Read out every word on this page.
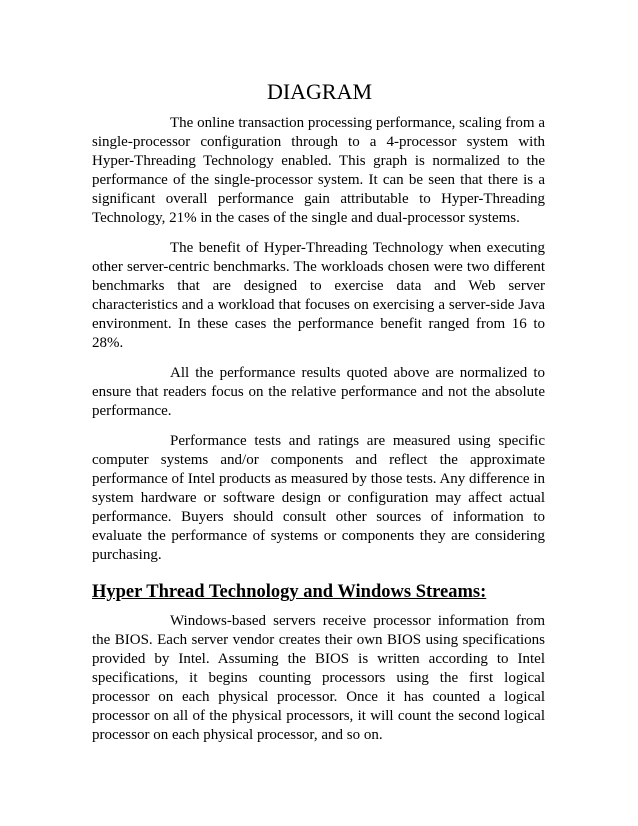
DIAGRAM

The online transaction processing performance, scaling from a single-processor configuration through to a 4-processor system with Hyper-Threading Technology enabled. This graph is normalized to the performance of the single-processor system. It can be seen that there is a significant overall performance gain attributable to Hyper-Threading Technology, 21% in the cases of the single and dual-processor systems.

The benefit of Hyper-Threading Technology when executing other server-centric benchmarks. The workloads chosen were two different benchmarks that are designed to exercise data and Web server characteristics and a workload that focuses on exercising a server-side Java environment. In these cases the performance benefit ranged from 16 to 28%.

All the performance results quoted above are normalized to ensure that readers focus on the relative performance and not the absolute performance.

Performance tests and ratings are measured using specific computer systems and/or components and reflect the approximate performance of Intel products as measured by those tests. Any difference in system hardware or software design or configuration may affect actual performance. Buyers should consult other sources of information to evaluate the performance of systems or components they are considering purchasing.

Hyper Thread Technology and Windows Streams:

Windows-based servers receive processor information from the BIOS. Each server vendor creates their own BIOS using specifications provided by Intel. Assuming the BIOS is written according to Intel specifications, it begins counting processors using the first logical processor on each physical processor. Once it has counted a logical processor on all of the physical processors, it will count the second logical processor on each physical processor, and so on.
